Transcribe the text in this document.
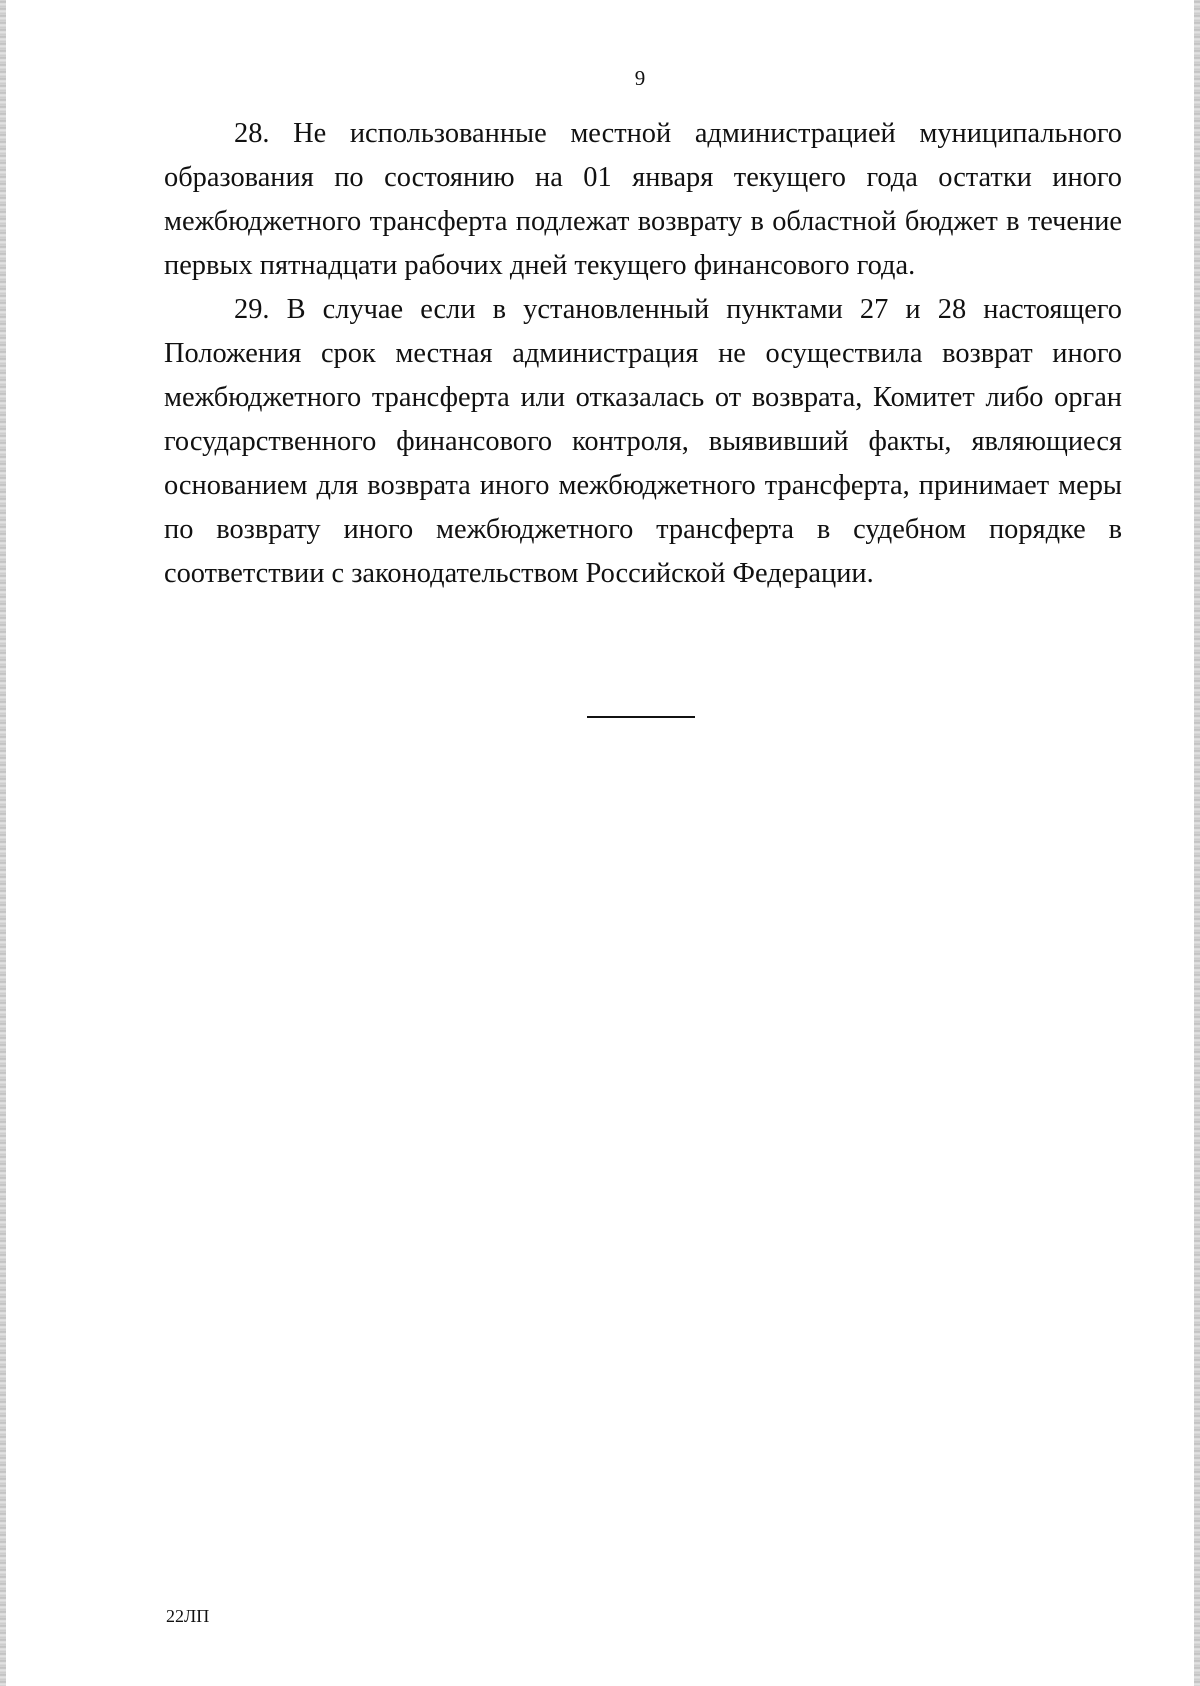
9

28. Не использованные местной администрацией муниципального образования по состоянию на 01 января текущего года остатки иного межбюджетного трансферта подлежат возврату в областной бюджет в течение первых пятнадцати рабочих дней текущего финансового года.

29. В случае если в установленный пунктами 27 и 28 настоящего Положения срок местная администрация не осуществила возврат иного межбюджетного трансферта или отказалась от возврата, Комитет либо орган государственного финансового контроля, выявивший факты, являющиеся основанием для возврата иного межбюджетного трансферта, принимает меры по возврату иного межбюджетного трансферта в судебном порядке в соответствии с законодательством Российской Федерации.

22ЛП
